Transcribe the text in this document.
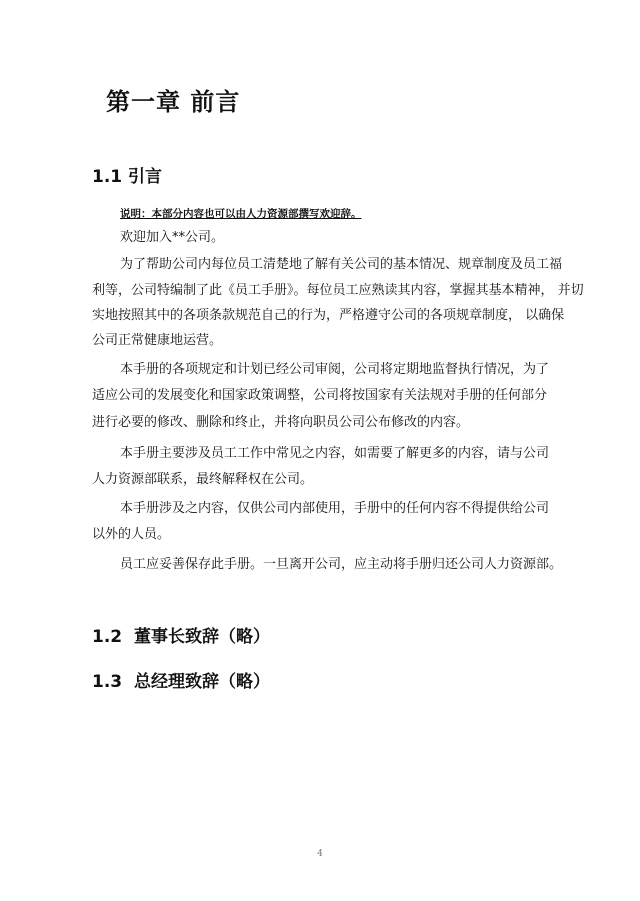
第一章 前言
1.1 引言
说明：本部分内容也可以由人力资源部撰写欢迎辞。

欢迎加入**公司。

为了帮助公司内每位员工清楚地了解有关公司的基本情况、规章制度及员工福

利等，公司特编制了此《员工手册》。每位员工应熟读其内容，掌握其基本精神， 并切

实地按照其中的各项条款规范自己的行为，严格遵守公司的各项规章制度， 以确保

公司正常健康地运营。

本手册的各项规定和计划已经公司审阅，公司将定期地监督执行情况，为了

适应公司的发展变化和国家政策调整，公司将按国家有关法规对手册的任何部分

进行必要的修改、删除和终止，并将向职员公司公布修改的内容。

本手册主要涉及员工工作中常见之内容，如需要了解更多的内容，请与公司

人力资源部联系，最终解释权在公司。

本手册涉及之内容，仅供公司内部使用，手册中的任何内容不得提供给公司

以外的人员。

员工应妥善保存此手册。一旦离开公司，应主动将手册归还公司人力资源部。

1.2 董事长致辞（略）
1.3 总经理致辞（略）
4
